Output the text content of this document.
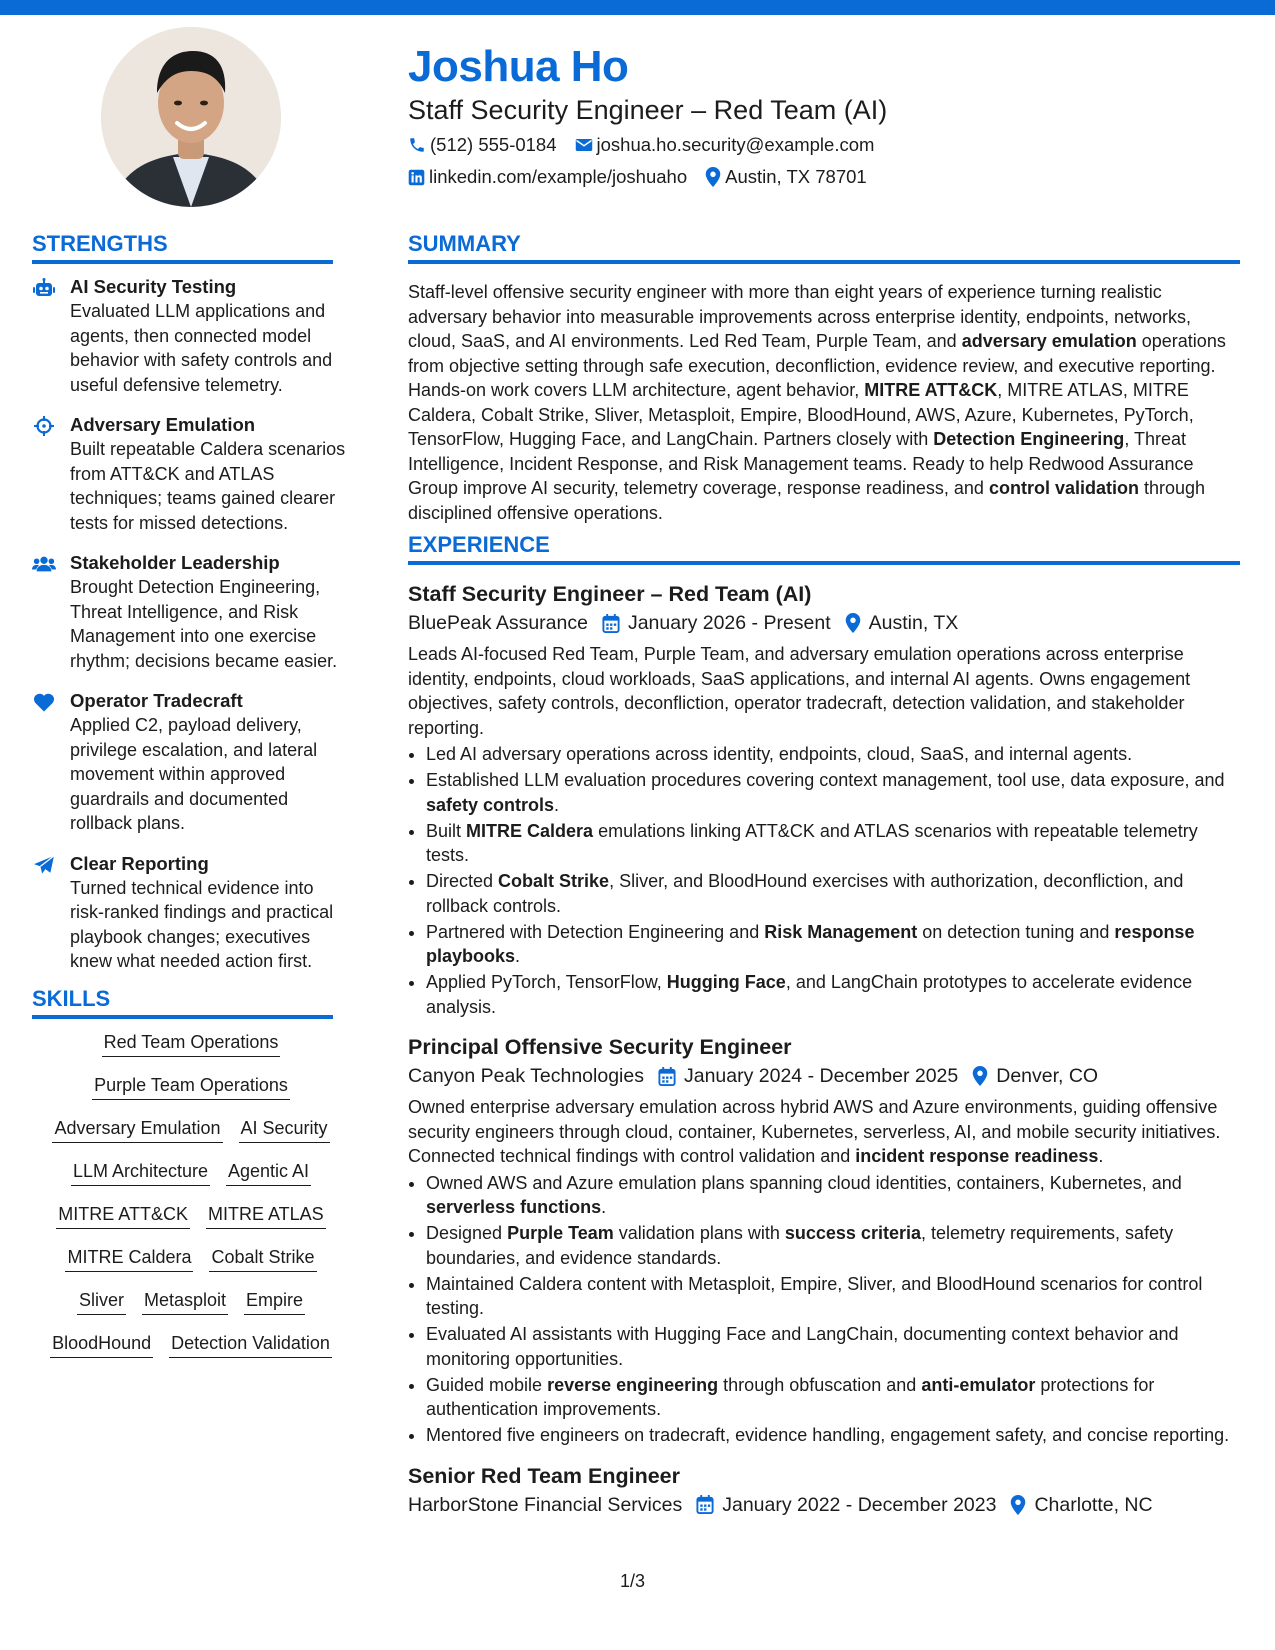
Joshua Ho
Staff Security Engineer – Red Team (AI)
(512) 555-0184 joshua.ho.security@example.com
linkedin.com/example/joshuaho Austin, TX 78701
STRENGTHS
AI Security Testing
Evaluated LLM applications and agents, then connected model behavior with safety controls and useful defensive telemetry.
Adversary Emulation
Built repeatable Caldera scenarios from ATT&CK and ATLAS techniques; teams gained clearer tests for missed detections.
Stakeholder Leadership
Brought Detection Engineering, Threat Intelligence, and Risk Management into one exercise rhythm; decisions became easier.
Operator Tradecraft
Applied C2, payload delivery, privilege escalation, and lateral movement within approved guardrails and documented rollback plans.
Clear Reporting
Turned technical evidence into risk-ranked findings and practical playbook changes; executives knew what needed action first.
SKILLS
Red Team Operations
Purple Team Operations
Adversary Emulation AI Security
LLM Architecture Agentic AI
MITRE ATT&CK MITRE ATLAS
MITRE Caldera Cobalt Strike
Sliver Metasploit Empire
BloodHound Detection Validation
SUMMARY
Staff-level offensive security engineer with more than eight years of experience turning realistic adversary behavior into measurable improvements across enterprise identity, endpoints, networks, cloud, SaaS, and AI environments. Led Red Team, Purple Team, and adversary emulation operations from objective setting through safe execution, deconfliction, evidence review, and executive reporting. Hands-on work covers LLM architecture, agent behavior, MITRE ATT&CK, MITRE ATLAS, MITRE Caldera, Cobalt Strike, Sliver, Metasploit, Empire, BloodHound, AWS, Azure, Kubernetes, PyTorch, TensorFlow, Hugging Face, and LangChain. Partners closely with Detection Engineering, Threat Intelligence, Incident Response, and Risk Management teams. Ready to help Redwood Assurance Group improve AI security, telemetry coverage, response readiness, and control validation through disciplined offensive operations.
EXPERIENCE
Staff Security Engineer – Red Team (AI)
BluePeak Assurance January 2026 - Present Austin, TX
Leads AI-focused Red Team, Purple Team, and adversary emulation operations across enterprise identity, endpoints, cloud workloads, SaaS applications, and internal AI agents. Owns engagement objectives, safety controls, deconfliction, operator tradecraft, detection validation, and stakeholder reporting.
• Led AI adversary operations across identity, endpoints, cloud, SaaS, and internal agents.
• Established LLM evaluation procedures covering context management, tool use, data exposure, and safety controls.
• Built MITRE Caldera emulations linking ATT&CK and ATLAS scenarios with repeatable telemetry tests.
• Directed Cobalt Strike, Sliver, and BloodHound exercises with authorization, deconfliction, and rollback controls.
• Partnered with Detection Engineering and Risk Management on detection tuning and response playbooks.
• Applied PyTorch, TensorFlow, Hugging Face, and LangChain prototypes to accelerate evidence analysis.
Principal Offensive Security Engineer
Canyon Peak Technologies January 2024 - December 2025 Denver, CO
Owned enterprise adversary emulation across hybrid AWS and Azure environments, guiding offensive security engineers through cloud, container, Kubernetes, serverless, AI, and mobile security initiatives. Connected technical findings with control validation and incident response readiness.
• Owned AWS and Azure emulation plans spanning cloud identities, containers, Kubernetes, and serverless functions.
• Designed Purple Team validation plans with success criteria, telemetry requirements, safety boundaries, and evidence standards.
• Maintained Caldera content with Metasploit, Empire, Sliver, and BloodHound scenarios for control testing.
• Evaluated AI assistants with Hugging Face and LangChain, documenting context behavior and monitoring opportunities.
• Guided mobile reverse engineering through obfuscation and anti-emulator protections for authentication improvements.
• Mentored five engineers on tradecraft, evidence handling, engagement safety, and concise reporting.
Senior Red Team Engineer
HarborStone Financial Services January 2022 - December 2023 Charlotte, NC
1/3
